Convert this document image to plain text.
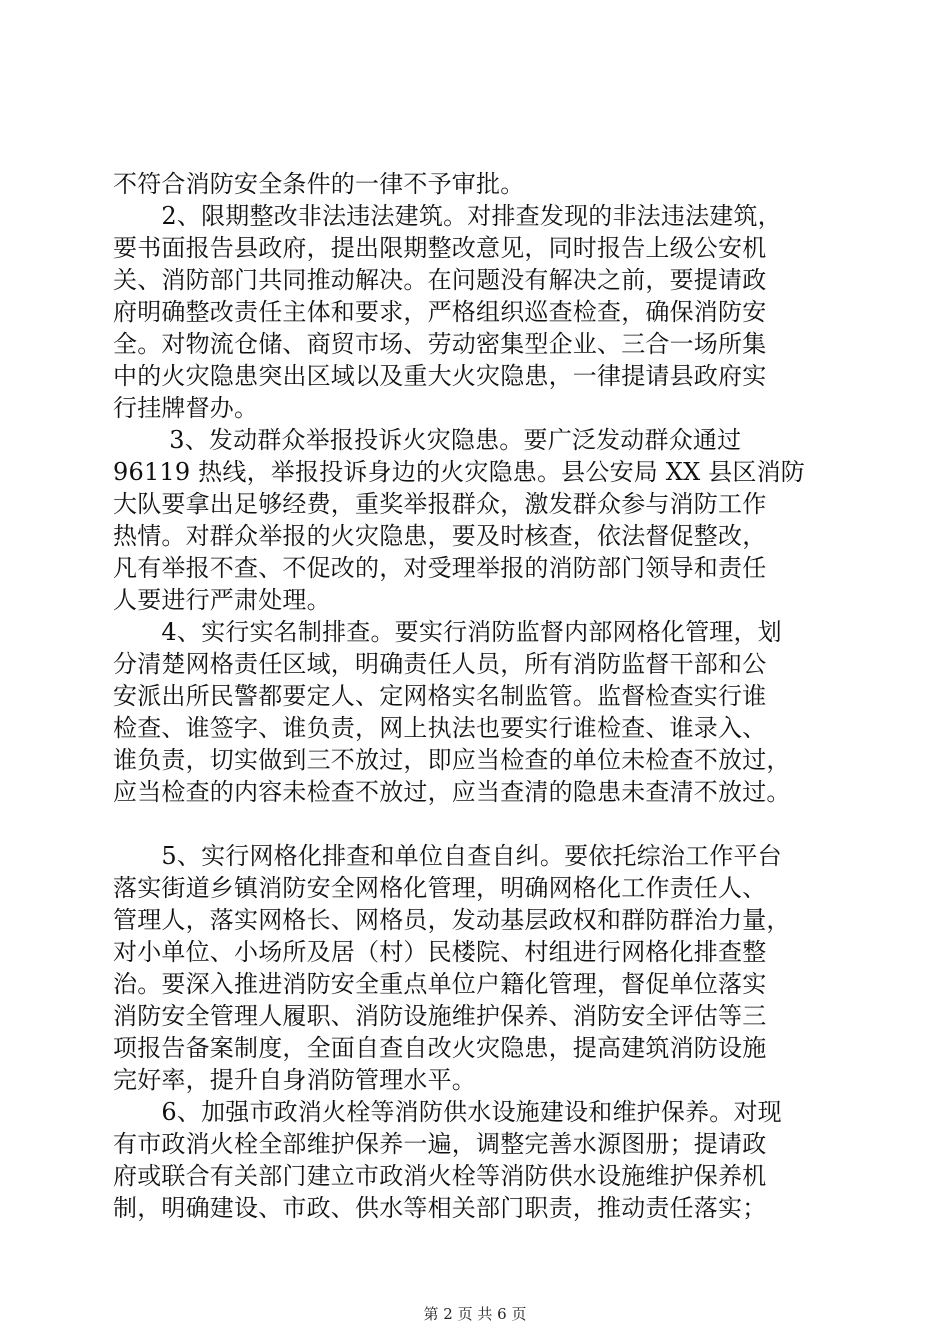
不符合消防安全条件的一律不予审批。
　　2、限期整改非法违法建筑。对排查发现的非法违法建筑，
要书面报告县政府，提出限期整改意见，同时报告上级公安机
关、消防部门共同推动解决。在问题没有解决之前，要提请政
府明确整改责任主体和要求，严格组织巡查检查，确保消防安
全。对物流仓储、商贸市场、劳动密集型企业、三合一场所集
中的火灾隐患突出区域以及重大火灾隐患，一律提请县政府实
行挂牌督办。
　　 3、发动群众举报投诉火灾隐患。要广泛发动群众通过
96119 热线，举报投诉身边的火灾隐患。县公安局 XX 县区消防
大队要拿出足够经费，重奖举报群众，激发群众参与消防工作
热情。对群众举报的火灾隐患，要及时核查，依法督促整改，
凡有举报不查、不促改的，对受理举报的消防部门领导和责任
人要进行严肃处理。
　　4、实行实名制排查。要实行消防监督内部网格化管理，划
分清楚网格责任区域，明确责任人员，所有消防监督干部和公
安派出所民警都要定人、定网格实名制监管。监督检查实行谁
检查、谁签字、谁负责，网上执法也要实行谁检查、谁录入、
谁负责，切实做到三不放过，即应当检查的单位未检查不放过，
应当检查的内容未检查不放过，应当查清的隐患未查清不放过。
　　5、实行网格化排查和单位自查自纠。要依托综治工作平台
落实街道乡镇消防安全网格化管理，明确网格化工作责任人、
管理人，落实网格长、网格员，发动基层政权和群防群治力量，
对小单位、小场所及居（村）民楼院、村组进行网格化排查整
治。要深入推进消防安全重点单位户籍化管理，督促单位落实
消防安全管理人履职、消防设施维护保养、消防安全评估等三
项报告备案制度，全面自查自改火灾隐患，提高建筑消防设施
完好率，提升自身消防管理水平。
　　6、加强市政消火栓等消防供水设施建设和维护保养。对现
有市政消火栓全部维护保养一遍，调整完善水源图册；提请政
府或联合有关部门建立市政消火栓等消防供水设施维护保养机
制，明确建设、市政、供水等相关部门职责，推动责任落实；
第 2 页 共 6 页
